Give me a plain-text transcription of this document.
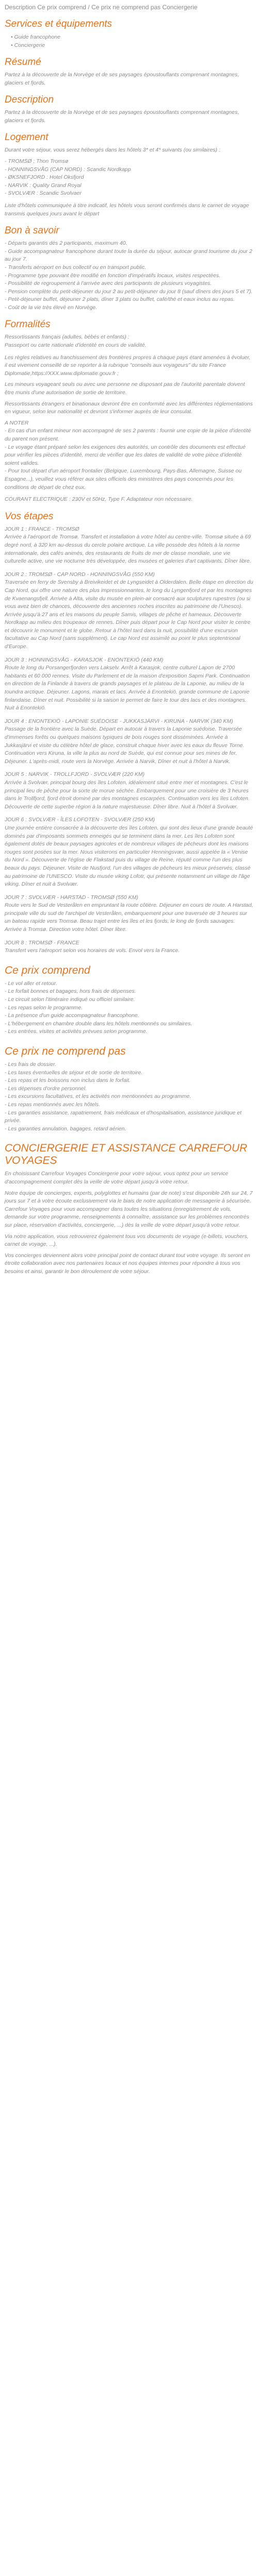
Description Ce prix comprend / Ce prix ne comprend pas Conciergerie

Services et équipements
• Guide francophone
• Conciergerie
Résumé

Partez à la découverte de la Norvège et de ses paysages époustouflants comprenant montagnes, glaciers et fjords.

Description

Partez à la découverte de la Norvège et de ses paysages époustouflants comprenant montagnes, glaciers et fjords.

Logement

Durant votre séjour, vous serez hébergés dans les hôtels 3* et 4* suivants (ou similaires) :

- TROMSØ : Thon Tromsø

- HONNINGSVÅG (CAP NORD) : Scandic Nordkapp

- ØKSNEFJORD : Hotel Oksfjord

- NARVIK : Quality Grand Royal

- SVOLVÆR : Scandic Svolvaer

Liste d'hôtels communiquée à titre indicatif, les hôtels vous seront confirmés dans le carnet de voyage transmis quelques jours avant le départ

Bon à savoir

- Départs garantis dès 2 participants, maximum 40.

- Guide accompagnateur francophone durant toute la durée du séjour, autocar grand tourisme du jour 2 au jour 7.

- Transferts aéroport en bus collectif ou en transport public.

- Programme type pouvant être modifié en fonction d'impératifs locaux, visites respectées.

- Possibilité de regroupement à l'arrivée avec des participants de plusieurs voyagistes.

- Pension complète du petit-déjeuner du jour 2 au petit-déjeuner du jour 8 (sauf dîners des jours 5 et 7).

- Petit-déjeuner buffet, déjeuner 2 plats, dîner 3 plats ou buffet, café/thé et eaux inclus au repas.

- Coût de la vie très élevé en Norvège.

Formalités

Ressortissants français (adultes, bébés et enfants) :

Passeport ou carte nationale d'identité en cours de validité.

Les règles relatives au franchissement des frontières propres à chaque pays étant amenées à évoluer, il est vivement conseillé de se reporter à la rubrique "conseils aux voyageurs" du site France Diplomatie,https://XXX.www.diplomatie.gouv.fr ;

Les mineurs voyageant seuls ou avec une personne ne disposant pas de l'autorité parentale doivent être munis d'une autorisation de sortie de territoire.

Ressortissants étrangers et binationaux devront être en conformité avec les différentes réglementations en vigueur, selon leur nationalité et devront s'informer auprès de leur consulat.

A NOTER

- En cas d'un enfant mineur non accompagné de ses 2 parents : fournir une copie de la pièce d'identité du parent non présent.

- Le voyage étant préparé selon les exigences des autorités, un contrôle des documents est effectué pour vérifier les pièces d'identité, merci de vérifier que les dates de validité de votre pièce d'identité soient valides.

- Pour tout départ d'un aéroport frontalier (Belgique, Luxembourg, Pays-Bas, Allemagne, Suisse ou Espagne...), veuillez vous référer aux sites officiels des ministères des pays concernés pour les conditions de départ de chez eux.

COURANT ELECTRIQUE : 230V et 50Hz, Type F. Adaptateur non nécessaire.

Vos étapes

JOUR 1 : FRANCE - TROMSØ

Arrivée à l'aéroport de Tromsø. Transfert et installation à votre hôtel au centre-ville. Tromsø située à 69 degré nord, à 320 km au-dessus du cercle polaire arctique. La ville possède des hôtels à la norme internationale, des cafés animés, des restaurants de fruits de mer de classe mondiale, une vie culturelle active, une vie nocturne très développée, des musées et galeries d'art captivants. Dîner libre.

JOUR 2 : TROMSØ - CAP NORD - HONNINGSVÅG (550 KM)

Traversée en ferry de Svensby à Breivikeidet et de Lyngseidet à Olderdalen. Belle étape en direction du Cap Nord, qui offre une nature des plus impressionnantes, le long du Lyngenfjord et par les montagnes de Kvaenangsfjell. Arrivée à Alta, visite du musée en plein-air consacré aux sculptures rupestres (ou si vous avez bien de chances, découverte des anciennes roches inscrites au patrimoine de l'Unesco). Arrivée jusqu'à 27 ans et les maisons du peuple Samis, villages de pêche et hameaux. Découverte Nordkapp au milieu des troupeaux de rennes. Dîner puis départ pour le Cap Nord pour visiter le centre et découvrir le monument et le globe. Retour à l'hôtel tard dans la nuit, possibilité d'une excursion facultative au Cap Nord (sans supplément). Le cap Nord est assimilé au point le plus septentrional d'Europe.

JOUR 3 : HONNINGSVÅG - KARASJOK - ENONTEKIÖ (440 KM)

Route le long du Porsangerfjorden vers Lakselv. Arrêt à Karasjok, centre culturel Lapon de 2700 habitants et 60 000 rennes. Visite du Parlement et de la maison d'exposition Sapmi Park. Continuation en direction de la Finlande à travers de grands paysages et le plateau de la Laponie, au milieu de la toundra arctique. Déjeuner. Lagons, marais et lacs. Arrivée à Enontekiö, grande commune de Laponie finlandaise. Dîner et nuit. Possibilité si la saison le permet de faire le tour des lacs et des montagnes. Nuit à Enontekiö.

JOUR 4 : ENONTEKIÖ - LAPONIE SUÉDOISE - JUKKASJÄRVI - KIRUNA - NARVIK (340 KM)

Passage de la frontière avec la Suède. Départ en autocar à travers la Laponie suédoise. Traversée d'immenses forêts ou quelques maisons typiques de bois rouges sont disséminées. Arrivée à Jukkasjärvi et visite du célèbre hôtel de glace, construit chaque hiver avec les eaux du fleuve Torne. Continuation vers Kiruna, la ville la plus au nord de Suède, qui est connue pour ses mines de fer. Déjeuner. L'après-midi, route vers la Norvège. Arrivée à Narvik, Dîner et nuit à l'hôtel à Narvik.

JOUR 5 : NARVIK - TROLLFJORD - SVOLVÆR (220 KM)

Arrivée à Svolvær, principal bourg des îles Lofoten, idéalement situé entre mer et montagnes. C'est le principal lieu de pêche pour la sorte de morue séchée. Embarquement pour une croisière de 3 heures dans le Trollfjord, fjord étroit dominé par des montagnes escarpées. Continuation vers les îles Lofoten. Découverte de cette superbe région à la nature majestueuse. Dîner libre. Nuit à l'hôtel à Svolvær.

JOUR 6 : SVOLVÆR - ÎLES LOFOTEN - SVOLVÆR (250 KM)

Une journée entière consacrée à la découverte des îles Lofoten, qui sont des lieux d'une grande beauté dominés par d'imposants sommets enneigés qui se terminent dans la mer. Les îles Lofoten sont également dotés de beaux paysages agricoles et de nombreux villages de pêcheurs dont les maisons rouges sont posées sur la mer. Nous visiterons en particulier Henningsvær, aussi appelée la « Venise du Nord ». Découverte de l'église de Flakstad puis du village de Reine, réputé comme l'un des plus beaux du pays. Déjeuner. Visite de Nusfjord, l'un des villages de pêcheurs les mieux préservés, classé au patrimoine de l'UNESCO. Visite du musée viking Lofotr, qui présente notamment un village de l'âge viking. Dîner et nuit à Svolvær.

JOUR 7 : SVOLVÆR - HARSTAD - TROMSØ (550 KM)

Route vers le Sud de Vesterålen en empruntant la route côtière. Déjeuner en cours de route. A Harstad, principale ville du sud de l'archipel de Vesterålen, embarquement pour une traversée de 3 heures sur un bateau rapide vers Tromsø. Beau trajet entre les îles et les fjords, le long de fjords sauvages. Arrivée à Tromsø. Direction votre hôtel. Dîner libre.

JOUR 8 : TROMSØ - FRANCE

Transfert vers l'aéroport selon vos horaires de vols. Envol vers la France.

Ce prix comprend

- Le vol aller et retour.

- Le forfait bonnes et bagages, hors frais de dépenses.

- Le circuit selon l'itinéraire indiqué ou officiel similaire.

- Les repas selon le programme.

- La présence d'un guide accompagnateur francophone.

- L'hébergement en chambre double dans les hôtels mentionnés ou similaires.

- Les entrées, visites et activités prévues selon programme.

Ce prix ne comprend pas

- Les frais de dossier.

- Les taxes éventuelles de séjour et de sortie de territoire.

- Les repas et les boissons non inclus dans le forfait.

- Les dépenses d'ordre personnel.

- Les excursions facultatives, et les activités non mentionnées au programme.

- Les repas mentionnés avec les hôtels.

- Les garanties assistance, rapatriement, frais médicaux et d'hospitalisation, assistance juridique et privée.

- Les garanties annulation, bagages, retard aérien.

CONCIERGERIE ET ASSISTANCE CARREFOUR VOYAGES

En choisissant Carrefour Voyages Conciergerie pour votre séjour, vous optez pour un service d'accompagnement complet dès la veille de votre départ jusqu'à votre retour.

Notre équipe de concierges, experts, polyglottes et humains (par de note) s'est disponible 24h sur 24, 7 jours sur 7 et à votre écoute exclusivement via le biais de notre application de messagerie à sécurisée. Carrefour Voyages pour vous accompagner dans toutes les situations (enregistrement de vols, demande sur votre programme, renseignements à connaître, assistance sur les problèmes rencontrés sur place, réservation d'activités, conciergerie, ...) dès la veille de votre départ jusqu'à votre retour.

Via notre application, vous retrouverez également tous vos documents de voyage (e-billets, vouchers, carnet de voyage, ...).

Vos concierges deviennent alors votre principal point de contact durant tout votre voyage. Ils seront en étroite collaboration avec nos partenaires locaux et nos équipes internes pour répondre à tous vos besoins et ainsi, garantir le bon déroulement de votre séjour.
